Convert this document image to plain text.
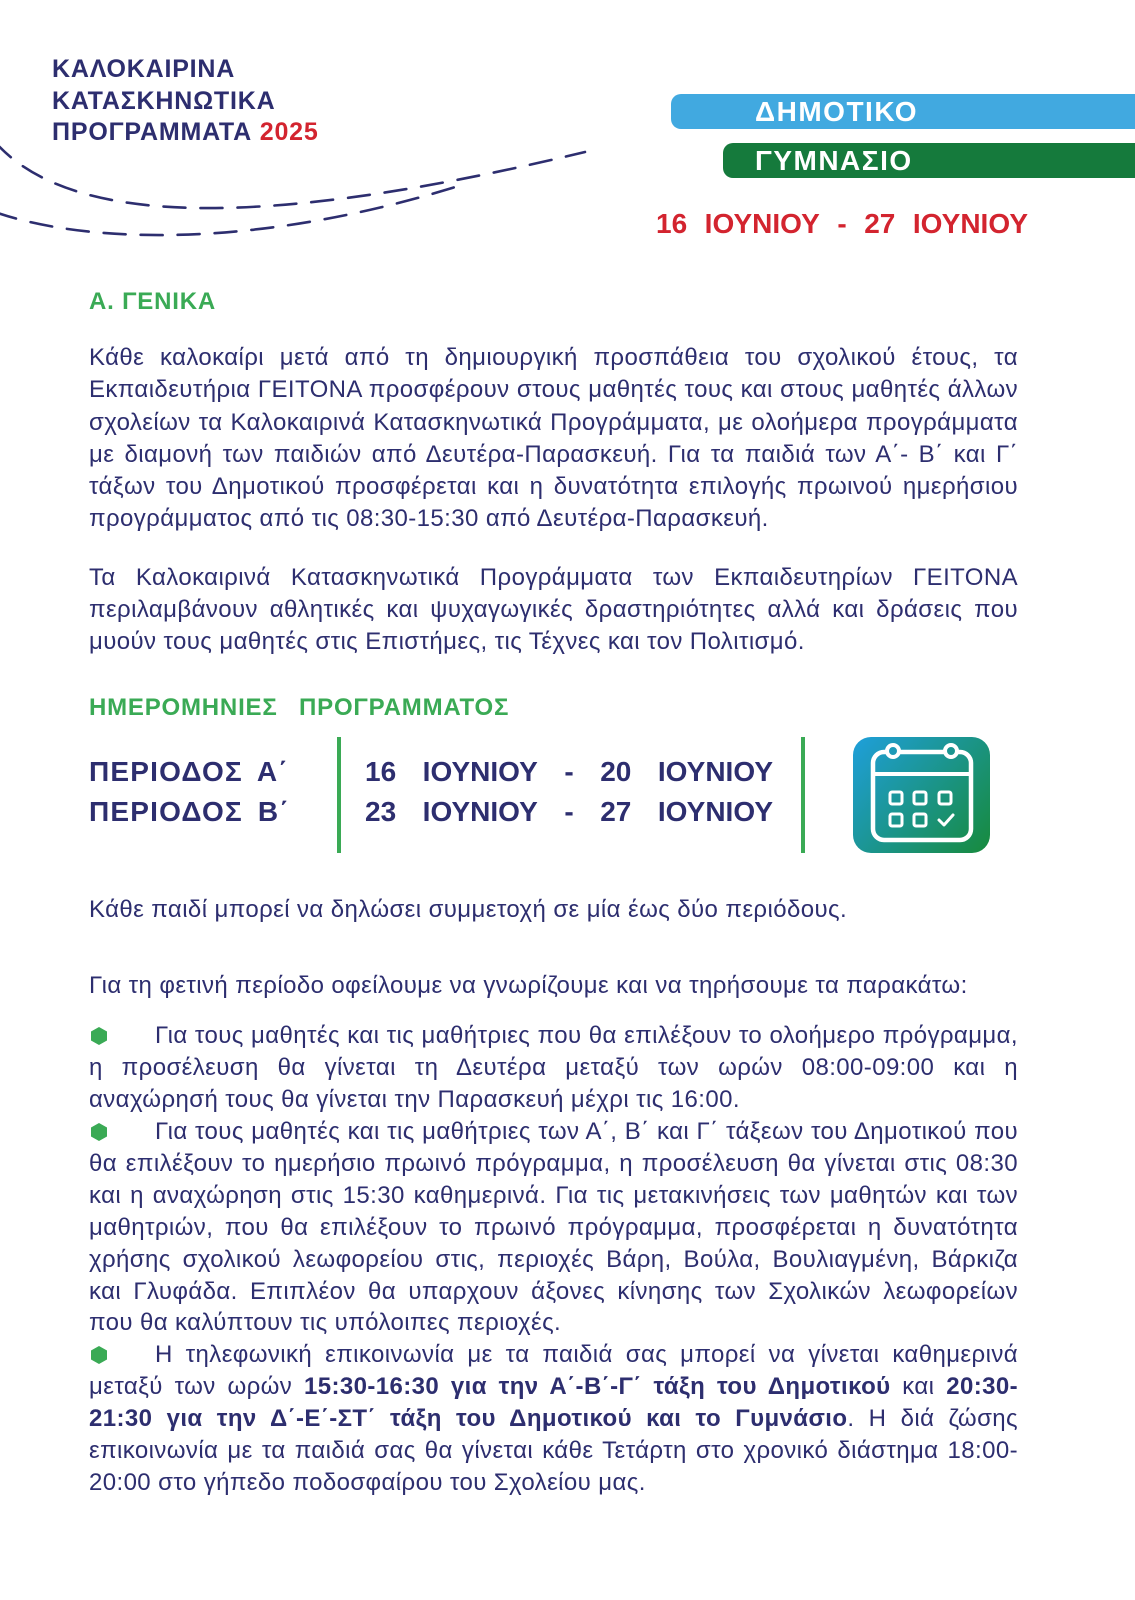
ΚΑΛΟΚΑΙΡΙΝΑ
ΚΑΤΑΣΚΗΝΩΤΙΚΑ
ΠΡΟΓΡΑΜΜΑΤΑ 2025
ΔΗΜΟΤΙΚΟ
ΓΥΜΝΑΣΙΟ
16 ΙΟΥΝΙΟΥ - 27 ΙΟΥΝΙΟΥ
Α. ΓΕΝΙΚΑ

Κάθε καλοκαίρι μετά από τη δημιουργική προσπάθεια του σχολικού έτους, τα Εκπαιδευτήρια ΓΕΙΤΟΝΑ προσφέρουν στους μαθητές τους και στους μαθητές άλλων σχολείων τα Καλοκαιρινά Κατασκηνωτικά Προγράμματα, με ολοήμερα προγράμματα με διαμονή των παιδιών από Δευτέρα-Παρασκευή. Για τα παιδιά των Α΄- Β΄ και Γ΄ τάξων του Δημοτικού προσφέρεται και η δυνατότητα επιλογής πρωινού ημερήσιου προγράμματος από τις 08:30-15:30 από Δευτέρα-Παρασκευή.

Τα Καλοκαιρινά Κατασκηνωτικά Προγράμματα των Εκπαιδευτηρίων ΓΕΙΤΟΝΑ περιλαμβάνουν αθλητικές και ψυχαγωγικές δραστηριότητες αλλά και δράσεις που μυούν τους μαθητές στις Επιστήμες, τις Τέχνες και τον Πολιτισμό.

ΗΜΕΡΟΜΗΝΙΕΣ ΠΡΟΓΡΑΜΜΑΤΟΣ
ΠΕΡΙΟΔΟΣ Α΄
ΠΕΡΙΟΔΟΣ Β΄
16 ΙΟΥΝΙΟΥ - 20 ΙΟΥΝΙΟΥ
23 ΙΟΥΝΙΟΥ - 27 ΙΟΥΝΙΟΥ

Κάθε παιδί μπορεί να δηλώσει συμμετοχή σε μία έως δύο περιόδους.

Για τη φετινή περίοδο οφείλουμε να γνωρίζουμε και να τηρήσουμε τα παρακάτω:

Για τους μαθητές και τις μαθήτριες που θα επιλέξουν το ολοήμερο πρόγραμμα, η προσέλευση θα γίνεται τη Δευτέρα μεταξύ των ωρών 08:00-09:00 και η αναχώρησή τους θα γίνεται την Παρασκευή μέχρι τις 16:00.

Για τους μαθητές και τις μαθήτριες των Α΄, Β΄ και Γ΄ τάξεων του Δημοτικού που θα επιλέξουν το ημερήσιο πρωινό πρόγραμμα, η προσέλευση θα γίνεται στις 08:30 και η αναχώρηση στις 15:30 καθημερινά. Για τις μετακινήσεις των μαθητών και των μαθητριών, που θα επιλέξουν το πρωινό πρόγραμμα, προσφέρεται η δυνατότητα χρήσης σχολικού λεωφορείου στις, περιοχές Βάρη, Βούλα, Βουλιαγμένη, Βάρκιζα και Γλυφάδα. Επιπλέον θα υπαρχουν άξονες κίνησης των Σχολικών λεωφορείων που θα καλύπτουν τις υπόλοιπες περιοχές.

Η τηλεφωνική επικοινωνία με τα παιδιά σας μπορεί να γίνεται καθημερινά μεταξύ των ωρών 15:30-16:30 για την Α΄-Β΄-Γ΄ τάξη του Δημοτικού και 20:30-21:30 για την Δ΄-Ε΄-ΣΤ΄ τάξη του Δημοτικού και το Γυμνάσιο. Η διά ζώσης επικοινωνία με τα παιδιά σας θα γίνεται κάθε Τετάρτη στο χρονικό διάστημα 18:00-20:00 στο γήπεδο ποδοσφαίρου του Σχολείου μας.
